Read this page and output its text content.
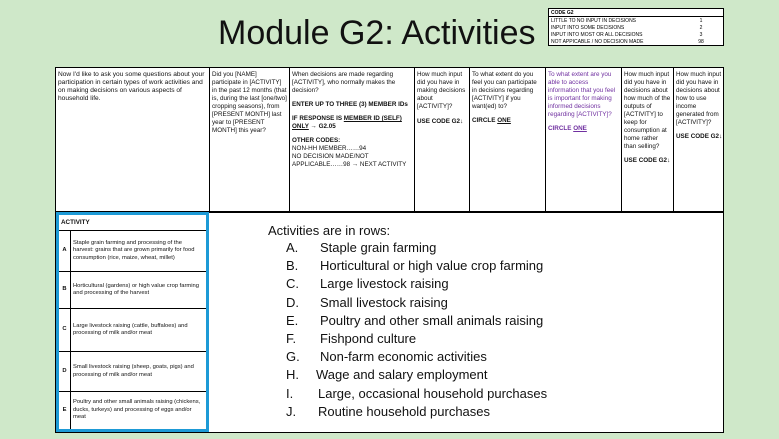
Module G2: Activities
CODE G2	
LITTLE TO NO INPUT IN DECISIONS	1
INPUT INTO SOME DECISIONS	2
INPUT INTO MOST OR ALL DECISIONS	3
NOT APPICABLE / NO DECISION MADE	98
Now I'd like to ask you some questions about your participation in certain types of work activities and on making decisions on various aspects of household life.
Did you [NAME] participate in [ACTIVITY] in the past 12 months (that is, during the last [one/two] cropping seasons), from [PRESENT MONTH] last year to [PRESENT MONTH] this year?
When decisions are made regarding [ACTIVITY], who normally makes the decision?
ENTER UP TO THREE (3) MEMBER IDs
IF RESPONSE IS MEMBER ID (SELF) ONLY → G2.05
OTHER CODES:
NON-HH MEMBER……94
NO DECISION MADE/NOT APPLICABLE……98 → NEXT ACTIVITY
How much input did you have in making decisions about [ACTIVITY]?
USE CODE G2↓
To what extent do you feel you can participate in decisions regarding [ACTIVITY] if you want(ed) to?
CIRCLE ONE
To what extent are you able to access information that you feel is important for making informed decisions regarding [ACTIVITY]?
CIRCLE ONE
How much input did you have in decisions about how much of the outputs of [ACTIVITY] to keep for consumption at home rather than selling?
USE CODE G2↓
How much input did you have in decisions about how to use income generated from [ACTIVITY]?
USE CODE G2↓
ACTIVITY
A
Staple grain farming and processing of the harvest: grains that are grown primarily for food consumption (rice, maize, wheat, millet)
B
Horticultural (gardens) or high value crop farming and processing of the harvest
C
Large livestock raising (cattle, buffaloes) and processing of milk and/or meat
D
Small livestock raising (sheep, goats, pigs) and processing of milk and/or meat
E
Poultry and other small animals raising (chickens, ducks, turkeys) and processing of eggs and/or meat
Activities are in rows:
A.	Staple grain farming
B.	Horticultural or high value crop farming
C.	Large livestock raising
D.	Small livestock raising
E.	Poultry and other small animals raising
F.	Fishpond culture
G.	Non-farm economic activities
H.	Wage and salary employment
I.	Large, occasional household purchases
J.	Routine household purchases
